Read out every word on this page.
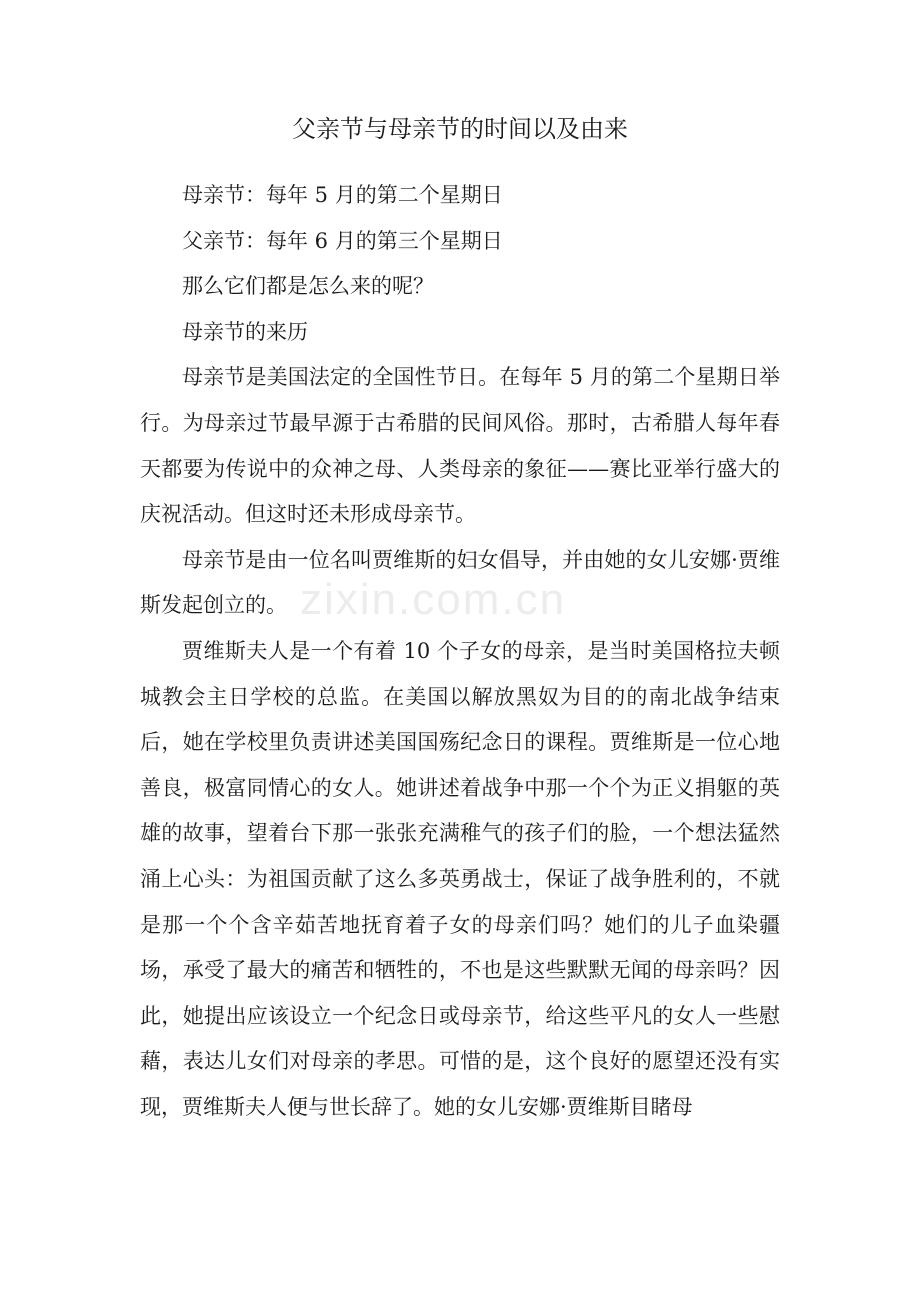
父亲节与母亲节的时间以及由来

母亲节：每年 5 月的第二个星期日

父亲节：每年 6 月的第三个星期日

那么它们都是怎么来的呢？

母亲节的来历

母亲节是美国法定的全国性节日。在每年 5 月的第二个星期日举行。为母亲过节最早源于古希腊的民间风俗。那时，古希腊人每年春天都要为传说中的众神之母、人类母亲的象征——赛比亚举行盛大的庆祝活动。但这时还未形成母亲节。

母亲节是由一位名叫贾维斯的妇女倡导，并由她的女儿安娜·贾维斯发起创立的。

贾维斯夫人是一个有着 10 个子女的母亲，是当时美国格拉夫顿城教会主日学校的总监。在美国以解放黑奴为目的的南北战争结束后，她在学校里负责讲述美国国殇纪念日的课程。贾维斯是一位心地善良，极富同情心的女人。她讲述着战争中那一个个为正义捐躯的英雄的故事，望着台下那一张张充满稚气的孩子们的脸，一个想法猛然涌上心头：为祖国贡献了这么多英勇战士，保证了战争胜利的，不就是那一个个含辛茹苦地抚育着子女的母亲们吗？她们的儿子血染疆场，承受了最大的痛苦和牺牲的，不也是这些默默无闻的母亲吗？因此，她提出应该设立一个纪念日或母亲节，给这些平凡的女人一些慰藉，表达儿女们对母亲的孝思。可惜的是，这个良好的愿望还没有实现，贾维斯夫人便与世长辞了。她的女儿安娜·贾维斯目睹母

zixin.com.cn
